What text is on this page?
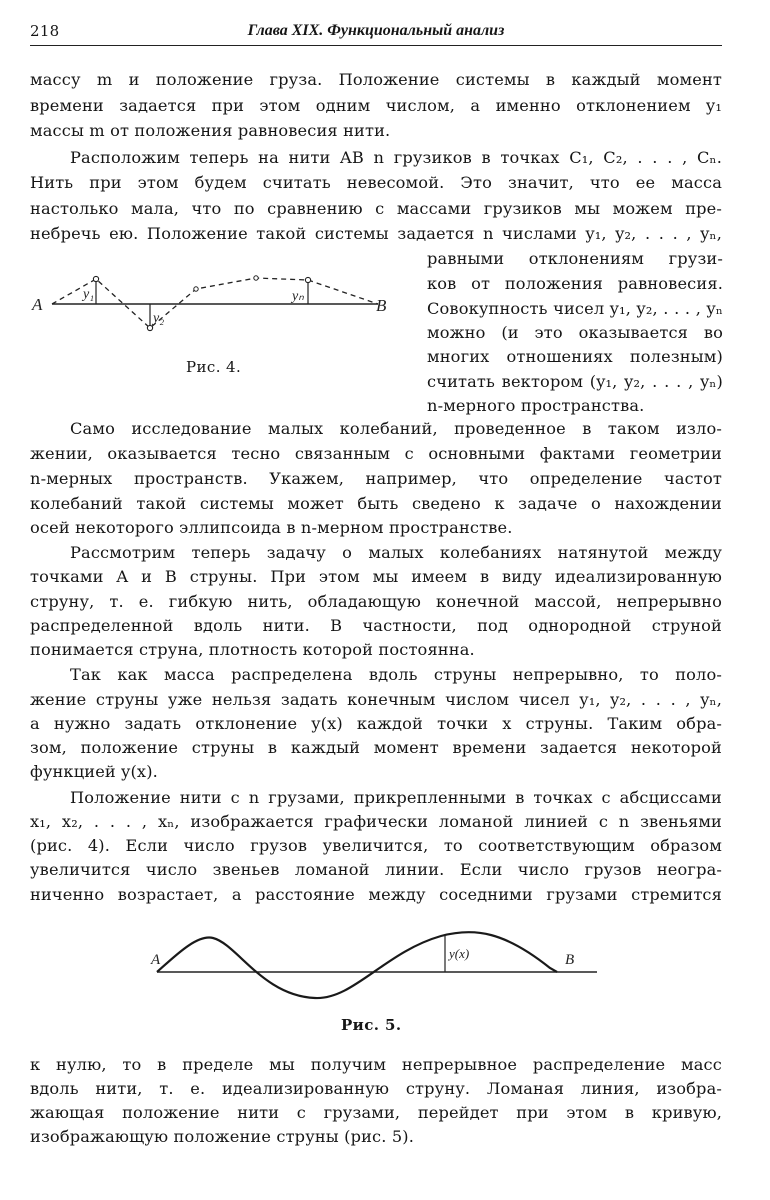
218	Глава XIX. Функциональный анализ
массу m и положение груза. Положение системы в каждый момент
времени задается при этом одним числом, а именно отклонением y₁
массы m от положения равновесия нити.
Расположим теперь на нити AB n грузиков в точках C₁, C₂, . . . , Cₙ.
Нить при этом будем считать невесомой. Это значит, что ее масса
настолько мала, что по сравнению с массами грузиков мы можем пре-
небречь ею. Положение такой системы задается n числами y₁, y₂, . . . , yₙ,
равными отклонениям грузи-
ков от положения равновесия.
Совокупность чисел y₁, y₂, . . . , yₙ
можно (и это оказывается во
многих отношениях полезным)
считать вектором (y₁, y₂, . . . , yₙ)
n-мерного пространства.
A	B
y₁
y₂
yₙ
Рис. 4.
Само исследование малых колебаний, проведенное в таком изло-
жении, оказывается тесно связанным с основными фактами геометрии
n-мерных пространств. Укажем, например, что определение частот
колебаний такой системы может быть сведено к задаче о нахождении
осей некоторого эллипсоида в n-мерном пространстве.
Рассмотрим теперь задачу о малых колебаниях натянутой между
точками A и B струны. При этом мы имеем в виду идеализированную
струну, т. е. гибкую нить, обладающую конечной массой, непрерывно
распределенной вдоль нити. В частности, под однородной струной
понимается струна, плотность которой постоянна.
Так как масса распределена вдоль струны непрерывно, то поло-
жение струны уже нельзя задать конечным числом чисел y₁, y₂, . . . , yₙ,
а нужно задать отклонение y(x) каждой точки x струны. Таким обра-
зом, положение струны в каждый момент времени задается некоторой
функцией y(x).
Положение нити с n грузами, прикрепленными в точках с абсциссами
x₁, x₂, . . . , xₙ, изображается графически ломаной линией с n звеньями
(рис. 4). Если число грузов увеличится, то соответствующим образом
увеличится число звеньев ломаной линии. Если число грузов неогра-
ниченно возрастает, а расстояние между соседними грузами стремится
A	B
y(x)
Рис. 5.
к нулю, то в пределе мы получим непрерывное распределение масс
вдоль нити, т. е. идеализированную струну. Ломаная линия, изобра-
жающая положение нити с грузами, перейдет при этом в кривую,
изображающую положение струны (рис. 5).
